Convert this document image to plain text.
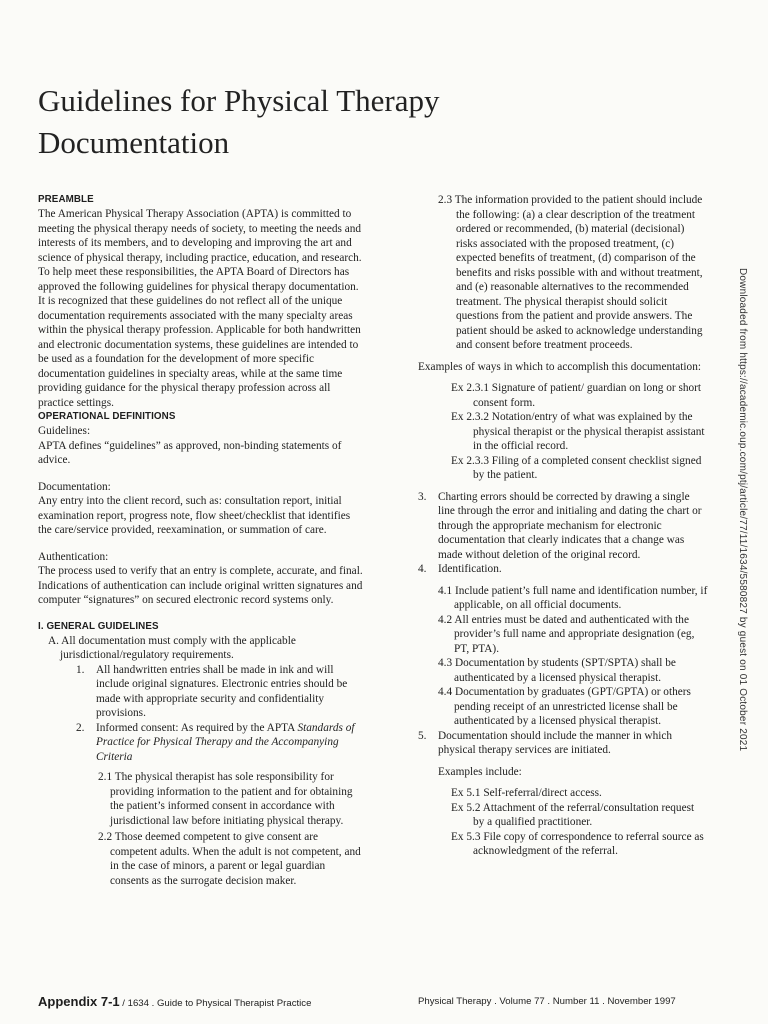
Guidelines for Physical Therapy
Documentation

PREAMBLE

The American Physical Therapy Association (APTA) is committed to meeting the physical therapy needs of society, to meeting the needs and interests of its members, and to developing and improving the art and science of physical therapy, including practice, education, and research. To help meet these responsibilities, the APTA Board of Directors has approved the following guidelines for physical therapy documentation. It is recognized that these guidelines do not reflect all of the unique documentation requirements associated with the many specialty areas within the physical therapy profession. Applicable for both handwritten and electronic documentation systems, these guidelines are intended to be used as a foundation for the development of more specific documentation guidelines in specialty areas, while at the same time providing guidance for the physical therapy profession across all practice settings.

OPERATIONAL DEFINITIONS

Guidelines:

APTA defines “guidelines” as approved, non-binding statements of advice.

Documentation:

Any entry into the client record, such as: consultation report, initial examination report, progress note, flow sheet/checklist that identifies the care/service provided, reexamination, or summation of care.

Authentication:

The process used to verify that an entry is complete, accurate, and final. Indications of authentication can include original written signatures and computer “signatures” on secured electronic record systems only.

I. GENERAL GUIDELINES

A. All documentation must comply with the applicable jurisdictional/regulatory requirements.

1. All handwritten entries shall be made in ink and will include original signatures. Electronic entries should be made with appropriate security and confidentiality provisions.
2. Informed consent: As required by the APTA Standards of Practice for Physical Therapy and the Accompanying Criteria

2.1 The physical therapist has sole responsibility for providing information to the patient and for obtaining the patient’s informed consent in accordance with jurisdictional law before initiating physical therapy.

2.2 Those deemed competent to give consent are competent adults. When the adult is not competent, and in the case of minors, a parent or legal guardian consents as the surrogate decision maker.

2.3 The information provided to the patient should include the following: (a) a clear description of the treatment ordered or recommended, (b) material (decisional) risks associated with the proposed treatment, (c) expected benefits of treatment, (d) comparison of the benefits and risks possible with and without treatment, and (e) reasonable alternatives to the recommended treatment. The physical therapist should solicit questions from the patient and provide answers. The patient should be asked to acknowledge understanding and consent before treatment proceeds.

Examples of ways in which to accomplish this documentation:

Ex 2.3.1 Signature of patient/ guardian on long or short consent form.

Ex 2.3.2 Notation/entry of what was explained by the physical therapist or the physical therapist assistant in the official record.

Ex 2.3.3 Filing of a completed consent checklist signed by the patient.

3. Charting errors should be corrected by drawing a single line through the error and initialing and dating the chart or through the appropriate mechanism for electronic documentation that clearly indicates that a change was made without deletion of the original record.
4. Identification.

4.1 Include patient’s full name and identification number, if applicable, on all official documents.

4.2 All entries must be dated and authenticated with the provider’s full name and appropriate designation (eg, PT, PTA).

4.3 Documentation by students (SPT/SPTA) shall be authenticated by a licensed physical therapist.

4.4 Documentation by graduates (GPT/GPTA) or others pending receipt of an unrestricted license shall be authenticated by a licensed physical therapist.

5. Documentation should include the manner in which physical therapy services are initiated.

Examples include:

Ex 5.1 Self-referral/direct access.

Ex 5.2 Attachment of the referral/consultation request by a qualified practitioner.

Ex 5.3 File copy of correspondence to referral source as acknowledgment of the referral.

Downloaded from https://academic.oup.com/ptj/article/77/11/1634/5580827 by guest on 01 October 2021
Appendix 7-1 / 1634 . Guide to Physical Therapist Practice	Physical Therapy . Volume 77 . Number 11 . November 1997
